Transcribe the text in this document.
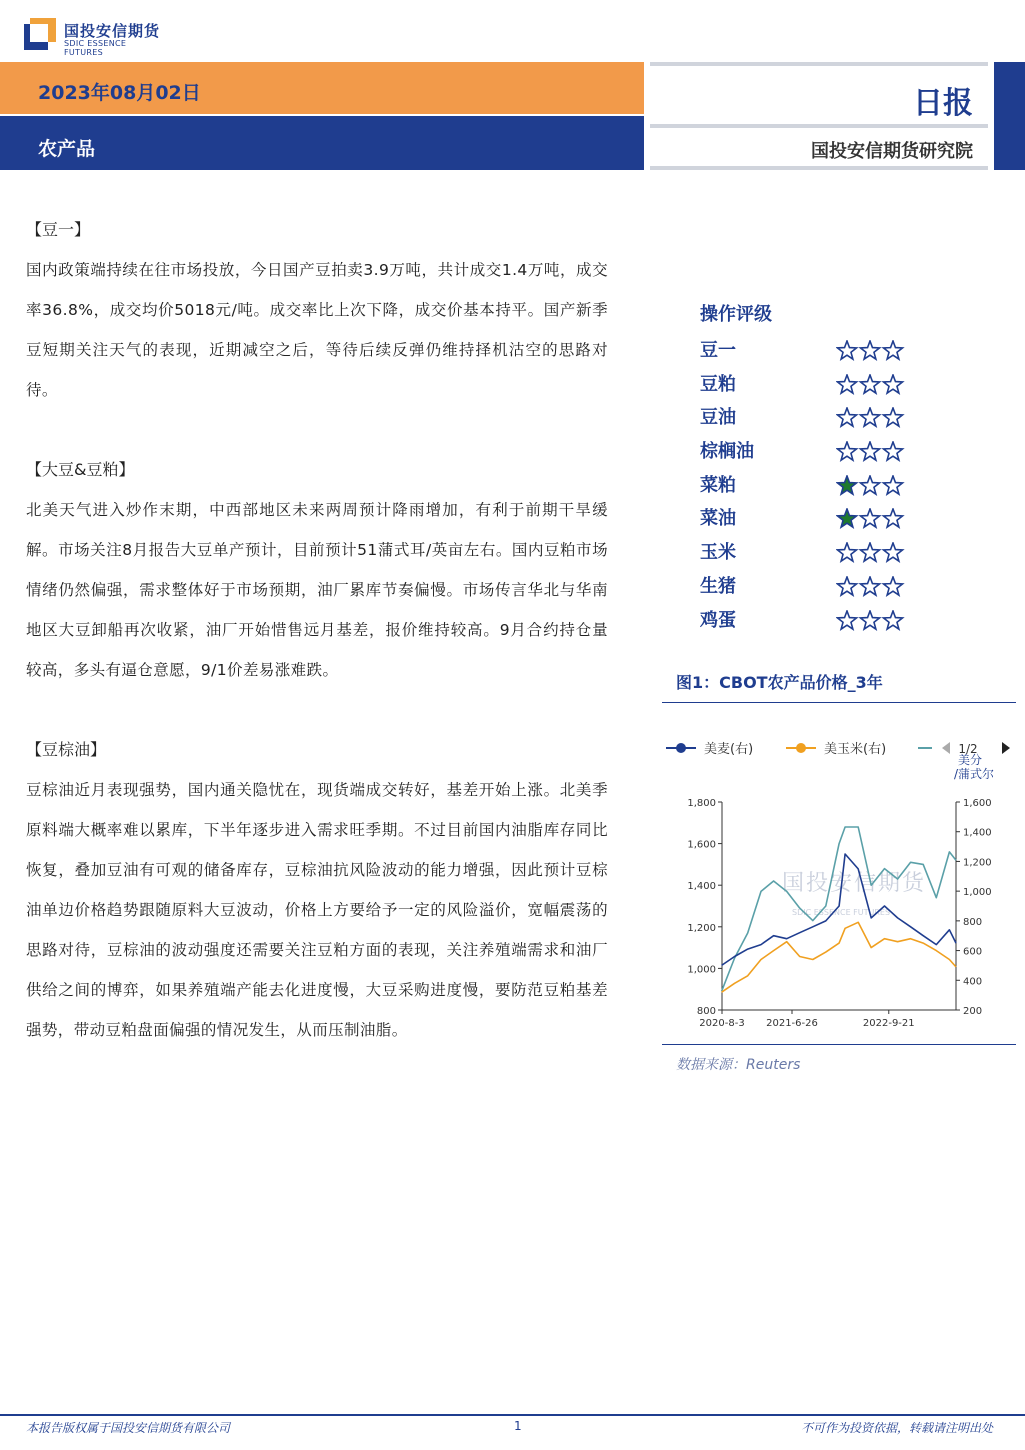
国投安信期货
SDIC ESSENCE FUTURES
2023年08月02日
农产品
日报
国投安信期货研究院
【豆一】
国内政策端持续在往市场投放，今日国产豆拍卖3.9万吨，共计成交1.4万吨，成交率36.8%，成交均价5018元/吨。成交率比上次下降，成交价基本持平。国产新季豆短期关注天气的表现，近期减空之后，等待后续反弹仍维持择机沽空的思路对待。
【大豆&豆粕】
北美天气进入炒作末期，中西部地区未来两周预计降雨增加，有利于前期干旱缓解。市场关注8月报告大豆单产预计，目前预计51蒲式耳/英亩左右。国内豆粕市场情绪仍然偏强，需求整体好于市场预期，油厂累库节奏偏慢。市场传言华北与华南地区大豆卸船再次收紧，油厂开始惜售远月基差，报价维持较高。9月合约持仓量较高，多头有逼仓意愿，9/1价差易涨难跌。
【豆棕油】
豆棕油近月表现强势，国内通关隐忧在，现货端成交转好，基差开始上涨。北美季原料端大概率难以累库，下半年逐步进入需求旺季期。不过目前国内油脂库存同比恢复，叠加豆油有可观的储备库存，豆棕油抗风险波动的能力增强，因此预计豆棕油单边价格趋势跟随原料大豆波动，价格上方要给予一定的风险溢价，宽幅震荡的思路对待，豆棕油的波动强度还需要关注豆粕方面的表现，关注养殖端需求和油厂供给之间的博弈，如果养殖端产能去化进度慢，大豆采购进度慢，要防范豆粕基差强势，带动豆粕盘面偏强的情况发生，从而压制油脂。
操作评级
豆一
豆粕
豆油
棕榈油
菜粕
菜油
玉米
生猪
鸡蛋
图1：CBOT农产品价格_3年
国投安信期货
SDIC ESSENCE FUTURES
800
1,000
1,200
1,400
1,600
1,800
200
400
600
800
1,000
1,200
1,400
1,600
2020-8-3 2021-6-26	2022-9-21
美麦(右)	美玉米(右)	1/2
美分
/蒲式尔
数据来源：Reuters
本报告版权属于国投安信期货有限公司	1	不可作为投资依据，转载请注明出处
